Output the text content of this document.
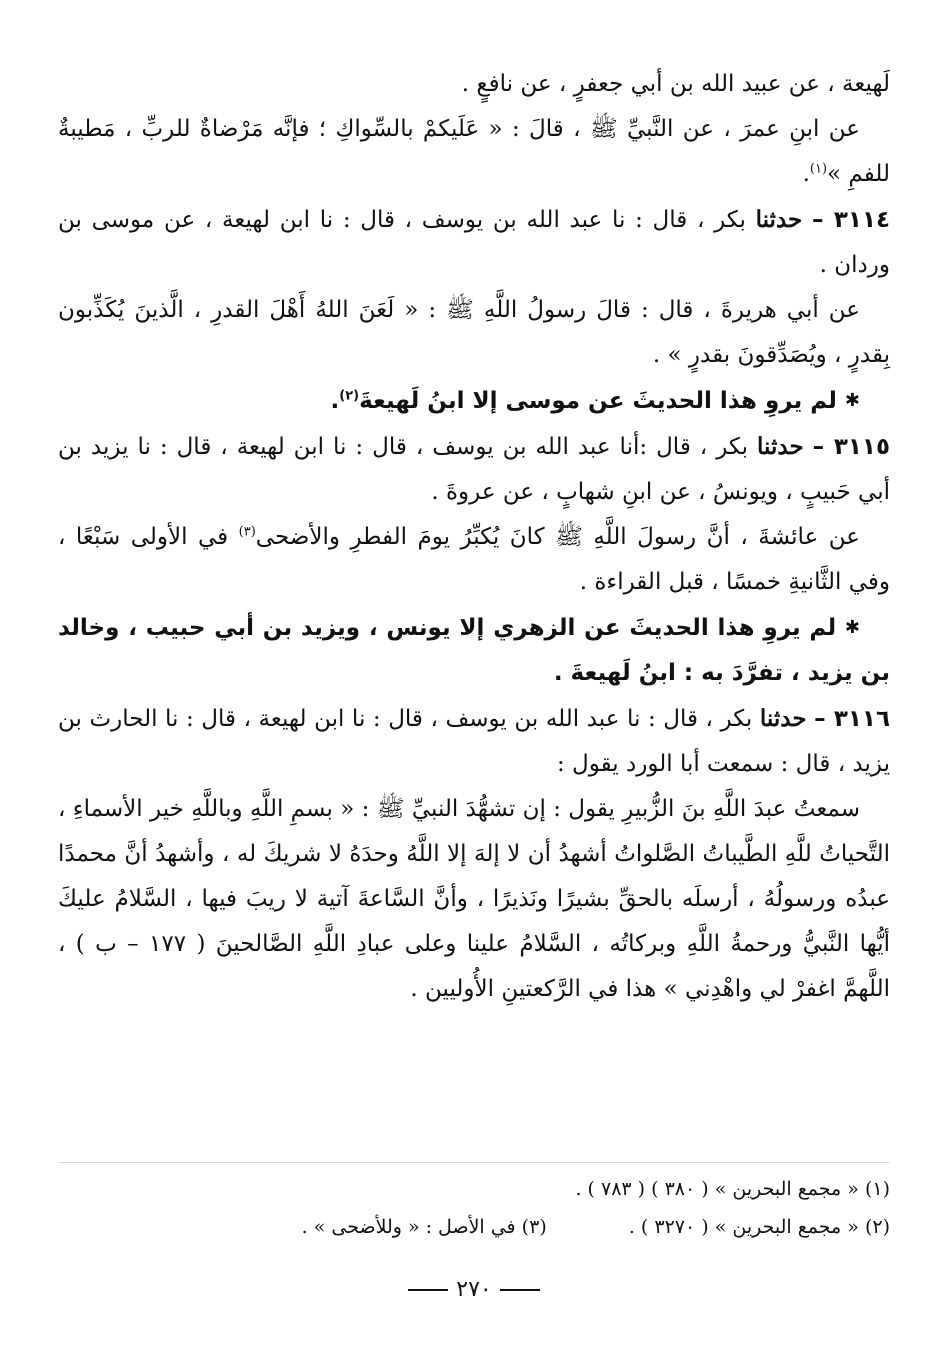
لَهيعة ، عن عبيد الله بن أبي جعفرٍ ، عن نافعٍ .

عن ابنِ عمرَ ، عن النَّبيِّ ﷺ ، قالَ : « عَلَيكمْ بالسِّواكِ ؛ فإنَّه مَرْضاةٌ للربِّ ، مَطيبةٌ للفمِ »$^{(١)}$.

٣١١٤ – حدثنا بكر ، قال : نا عبد الله بن يوسف ، قال : نا ابن لهيعة ، عن موسى بن وردان .

عن أبي هريرةَ ، قال : قالَ رسولُ اللَّهِ ﷺ : « لَعَنَ اللهُ أَهْلَ القدرِ ، الَّذينَ يُكَذِّبون بِقدرٍ ، ويُصَدِّقونَ بقدرٍ » .

✱ لم يروِ هذا الحديثَ عن موسى إلا ابنُ لَهيعةَ$^{(٢)}$.

٣١١٥ – حدثنا بكر ، قال :أنا عبد الله بن يوسف ، قال : نا ابن لهيعة ، قال : نا يزيد بن أبي حَبيبٍ ، ويونسُ ، عن ابنِ شهابٍ ، عن عروةَ .

عن عائشةَ ، أنَّ رسولَ اللَّهِ ﷺ كانَ يُكبِّرُ يومَ الفطرِ والأضحى$^{(٣)}$ في الأولى سَبْعًا ، وفي الثَّانيةِ خمسًا ، قبل القراءة .

✱ لم يروِ هذا الحديثَ عن الزهري إلا يونس ، ويزيد بن أبي حبيب ، وخالد بن يزيد ، تفرَّدَ به : ابنُ لَهيعةَ .

٣١١٦ – حدثنا بكر ، قال : نا عبد الله بن يوسف ، قال : نا ابن لهيعة ، قال : نا الحارث بن يزيد ، قال : سمعت أبا الورد يقول :

سمعتُ عبدَ اللَّهِ بنَ الزُّبيرِ يقول : إن تشهُّدَ النبيِّ ﷺ : « بسمِ اللَّهِ وباللَّهِ خير الأسماءِ ، التَّحياتُ للَّهِ الطَّيباتُ الصَّلواتُ أشهدُ أن لا إلهَ إلا اللَّهُ وحدَهُ لا شريكَ له ، وأشهدُ أنَّ محمدًا عبدُه ورسولُهُ ، أرسلَه بالحقِّ بشيرًا ونَذيرًا ، وأنَّ السَّاعةَ آتية لا ريبَ فيها ، السَّلامُ عليكَ أيُّها النَّبيُّ ورحمةُ اللَّهِ وبركاتُه ، السَّلامُ علينا وعلى عبادِ اللَّهِ الصَّالحينَ ( ١٧٧ – ب ) ، اللَّهمَّ اغفرْ لي واهْدِني » هذا في الرَّكعتينِ الأُوليين .

(١) « مجمع البحرين » ( ٣٨٠ ) ( ٧٨٣ ) .
(٢) « مجمع البحرين » ( ٣٢٧٠ ) .  (٣) في الأصل : « وللأضحى » .
٢٧٠
